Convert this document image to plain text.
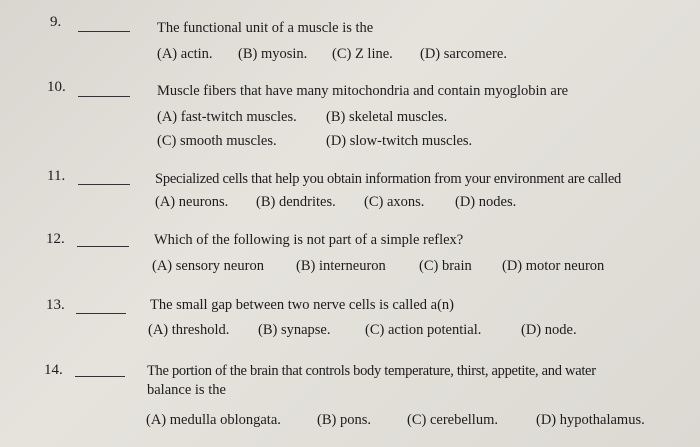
9.	The functional unit of a muscle is the
(A) actin. (B) myosin. (C) Z line. (D) sarcomere.
10.	Muscle fibers that have many mitochondria and contain myoglobin are
(A) fast-twitch muscles. (B) skeletal muscles.
(C) smooth muscles.	(D) slow-twitch muscles.
11.	Specialized cells that help you obtain information from your environment are called
(A) neurons. (B) dendrites. (C) axons. (D) nodes.
12.	Which of the following is not part of a simple reflex?
(A) sensory neuron (B) interneuron (C) brain (D) motor neuron
13.	The small gap between two nerve cells is called a(n)
(A) threshold. (B) synapse. (C) action potential.	(D) node.
14.	The portion of the brain that controls body temperature, thirst, appetite, and water
balance is the
(A) medulla oblongata. (B) pons. (C) cerebellum.	(D) hypothalamus.
